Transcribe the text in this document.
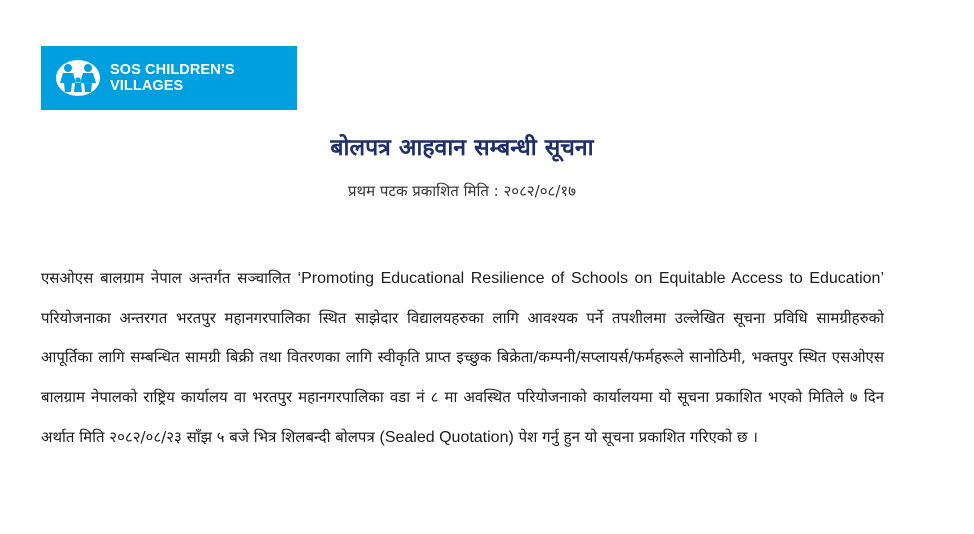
SOS CHILDREN’S
VILLAGES
बोलपत्र आहवान सम्बन्धी सूचना
प्रथम पटक प्रकाशित मिति : २०८२/०८/१७
एसओएस बालग्राम नेपाल अन्तर्गत सञ्चालित ‘Promoting Educational Resilience of Schools on Equitable Access to Education’ परियोजनाका अन्तरगत भरतपुर महानगरपालिका स्थित साझेदार विद्यालयहरुका लागि आवश्यक पर्ने तपशीलमा उल्लेखित सूचना प्रविधि सामग्रीहरुको आपूर्तिका लागि सम्बन्धित सामग्री बिक्री तथा वितरणका लागि स्वीकृति प्राप्त इच्छुक बिक्रेता/कम्पनी/सप्लायर्स/फर्महरूले सानोठिमी, भक्तपुर स्थित एसओएस बालग्राम नेपालको राष्ट्रिय कार्यालय वा भरतपुर महानगरपालिका वडा नं ८ मा अवस्थित परियोजनाको कार्यालयमा यो सूचना प्रकाशित भएको मितिले ७ दिन अर्थात मिति २०८२/०८/२३ साँझ ५ बजे भित्र शिलबन्दी बोलपत्र (Sealed Quotation) पेश गर्नु हुन यो सूचना प्रकाशित गरिएको छ ।
